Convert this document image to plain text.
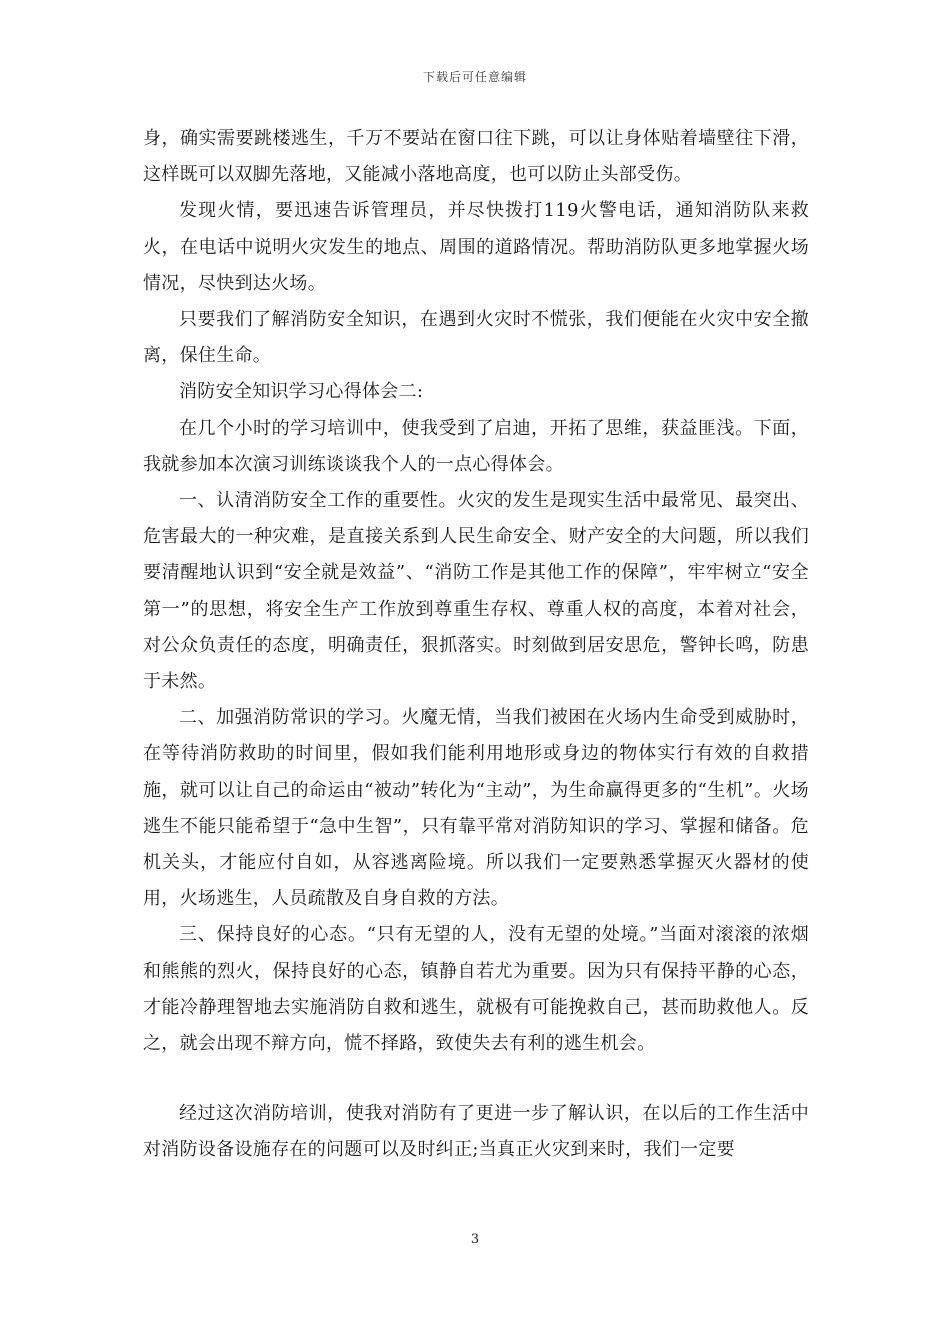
下载后可任意编辑

身，确实需要跳楼逃生，千万不要站在窗口往下跳，可以让身体贴着墙壁往下滑，这样既可以双脚先落地，又能减小落地高度，也可以防止头部受伤。

发现火情，要迅速告诉管理员，并尽快拨打119火警电话，通知消防队来救火，在电话中说明火灾发生的地点、周围的道路情况。帮助消防队更多地掌握火场情况，尽快到达火场。

只要我们了解消防安全知识，在遇到火灾时不慌张，我们便能在火灾中安全撤离，保住生命。

消防安全知识学习心得体会二:

在几个小时的学习培训中，使我受到了启迪，开拓了思维，获益匪浅。下面，我就参加本次演习训练谈谈我个人的一点心得体会。

一、认清消防安全工作的重要性。火灾的发生是现实生活中最常见、最突出、危害最大的一种灾难，是直接关系到人民生命安全、财产安全的大问题，所以我们要清醒地认识到“安全就是效益”、“消防工作是其他工作的保障”，牢牢树立“安全第一”的思想，将安全生产工作放到尊重生存权、尊重人权的高度，本着对社会，对公众负责任的态度，明确责任，狠抓落实。时刻做到居安思危，警钟长鸣，防患于未然。

二、加强消防常识的学习。火魔无情，当我们被困在火场内生命受到威胁时，在等待消防救助的时间里，假如我们能利用地形或身边的物体实行有效的自救措施，就可以让自己的命运由“被动”转化为“主动”，为生命赢得更多的“生机”。火场逃生不能只能希望于“急中生智”，只有靠平常对消防知识的学习、掌握和储备。危机关头，才能应付自如，从容逃离险境。所以我们一定要熟悉掌握灭火器材的使用，火场逃生，人员疏散及自身自救的方法。

三、保持良好的心态。“只有无望的人，没有无望的处境。”当面对滚滚的浓烟和熊熊的烈火，保持良好的心态，镇静自若尤为重要。因为只有保持平静的心态，才能冷静理智地去实施消防自救和逃生，就极有可能挽救自己，甚而助救他人。反之，就会出现不辩方向，慌不择路，致使失去有利的逃生机会。

经过这次消防培训，使我对消防有了更进一步了解认识，在以后的工作生活中对消防设备设施存在的问题可以及时纠正;当真正火灾到来时，我们一定要

3
